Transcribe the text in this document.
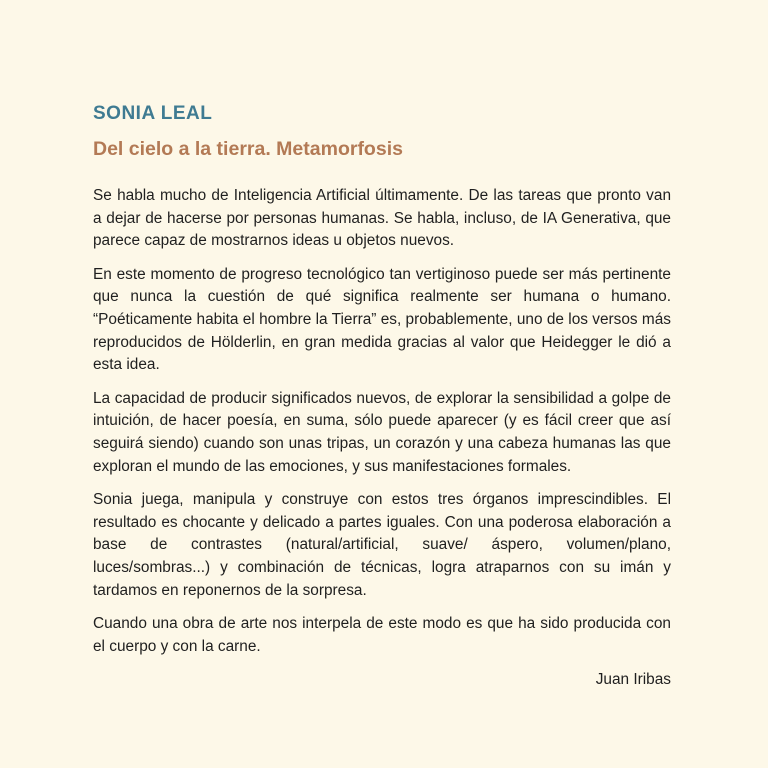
SONIA LEAL
Del cielo a la tierra. Metamorfosis

Se habla mucho de Inteligencia Artificial últimamente. De las tareas que pronto van a dejar de hacerse por personas humanas. Se habla, incluso, de IA Generativa, que parece capaz de mostrarnos ideas u objetos nuevos.

En este momento de progreso tecnológico tan vertiginoso puede ser más pertinente que nunca la cuestión de qué significa realmente ser humana o humano. “Poéticamente habita el hombre la Tierra” es, probablemente, uno de los versos más reproducidos de Hölderlin, en gran medida gracias al valor que Heidegger le dió a esta idea.

La capacidad de producir significados nuevos, de explorar la sensibilidad a golpe de intuición, de hacer poesía, en suma, sólo puede aparecer (y es fácil creer que así seguirá siendo) cuando son unas tripas, un corazón y una cabeza humanas las que exploran el mundo de las emociones, y sus manifestaciones formales.

Sonia juega, manipula y construye con estos tres órganos imprescindibles. El resultado es chocante y delicado a partes iguales. Con una poderosa elaboración a base de contrastes (natural/artificial, suave/ áspero, volumen/plano, luces/sombras...) y combinación de técnicas, logra atraparnos con su imán y tardamos en reponernos de la sorpresa.

Cuando una obra de arte nos interpela de este modo es que ha sido producida con el cuerpo y con la carne.

Juan Iribas
